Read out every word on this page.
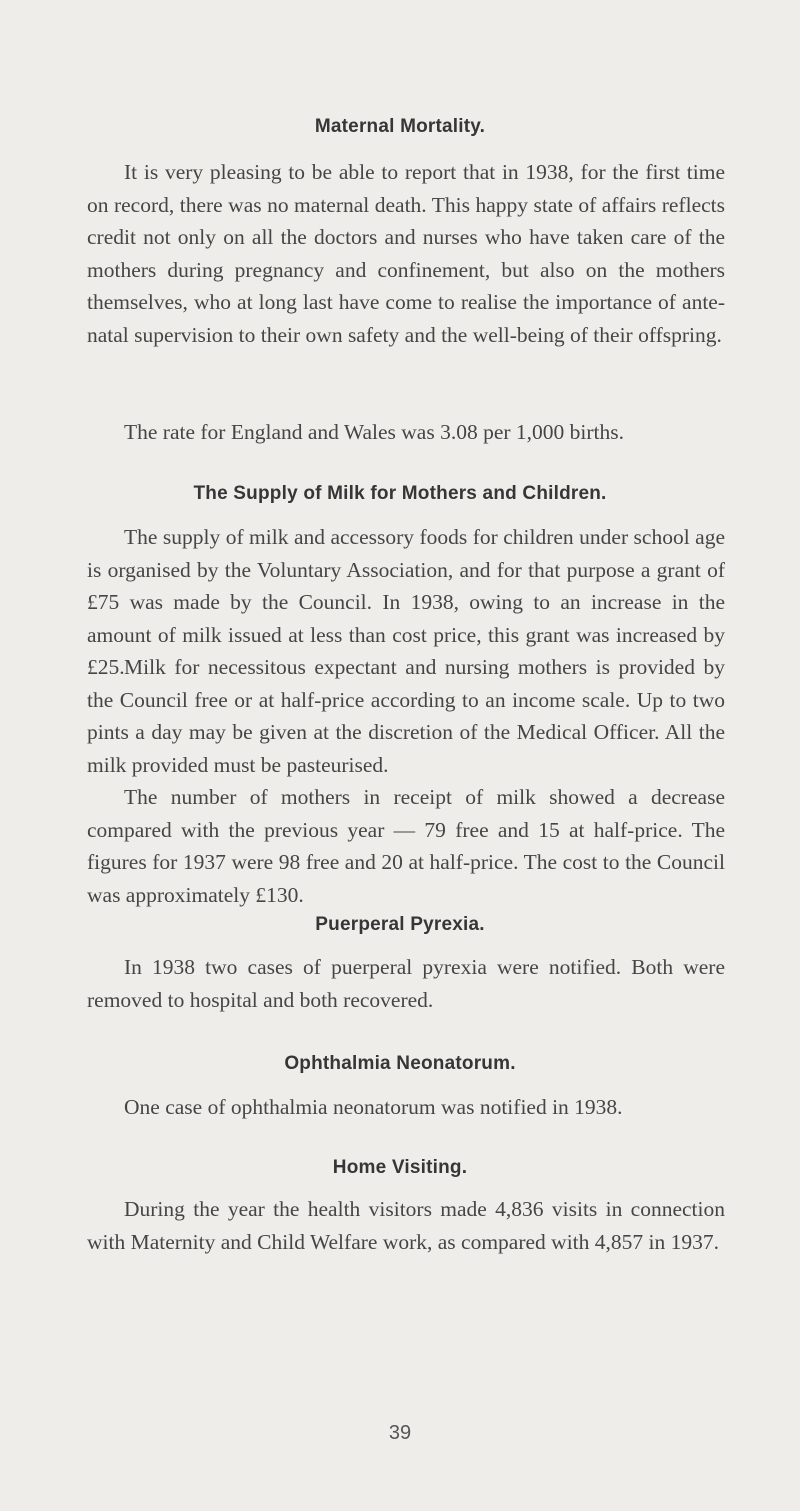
Maternal Mortality.

It is very pleasing to be able to report that in 1938, for the first time on record, there was no maternal death. This happy state of affairs reflects credit not only on all the doctors and nurses who have taken care of the mothers during pregnancy and confinement, but also on the mothers themselves, who at long last have come to realise the importance of ante-natal supervision to their own safety and the well-being of their offspring.

The rate for England and Wales was 3.08 per 1,000 births.

The Supply of Milk for Mothers and Children.

The supply of milk and accessory foods for children under school age is organised by the Voluntary Association, and for that purpose a grant of £75 was made by the Council. In 1938, owing to an increase in the amount of milk issued at less than cost price, this grant was increased by £25. Milk for necessitous expectant and nursing mothers is provided by the Council free or at half-price according to an income scale. Up to two pints a day may be given at the discretion of the Medical Officer. All the milk provided must be pasteurised.

The number of mothers in receipt of milk showed a decrease compared with the previous year — 79 free and 15 at half-price. The figures for 1937 were 98 free and 20 at half-price. The cost to the Council was approximately £130.

Puerperal Pyrexia.

In 1938 two cases of puerperal pyrexia were notified. Both were removed to hospital and both recovered.

Ophthalmia Neonatorum.

One case of ophthalmia neonatorum was notified in 1938.

Home Visiting.

During the year the health visitors made 4,836 visits in connection with Maternity and Child Welfare work, as compared with 4,857 in 1937.

39
